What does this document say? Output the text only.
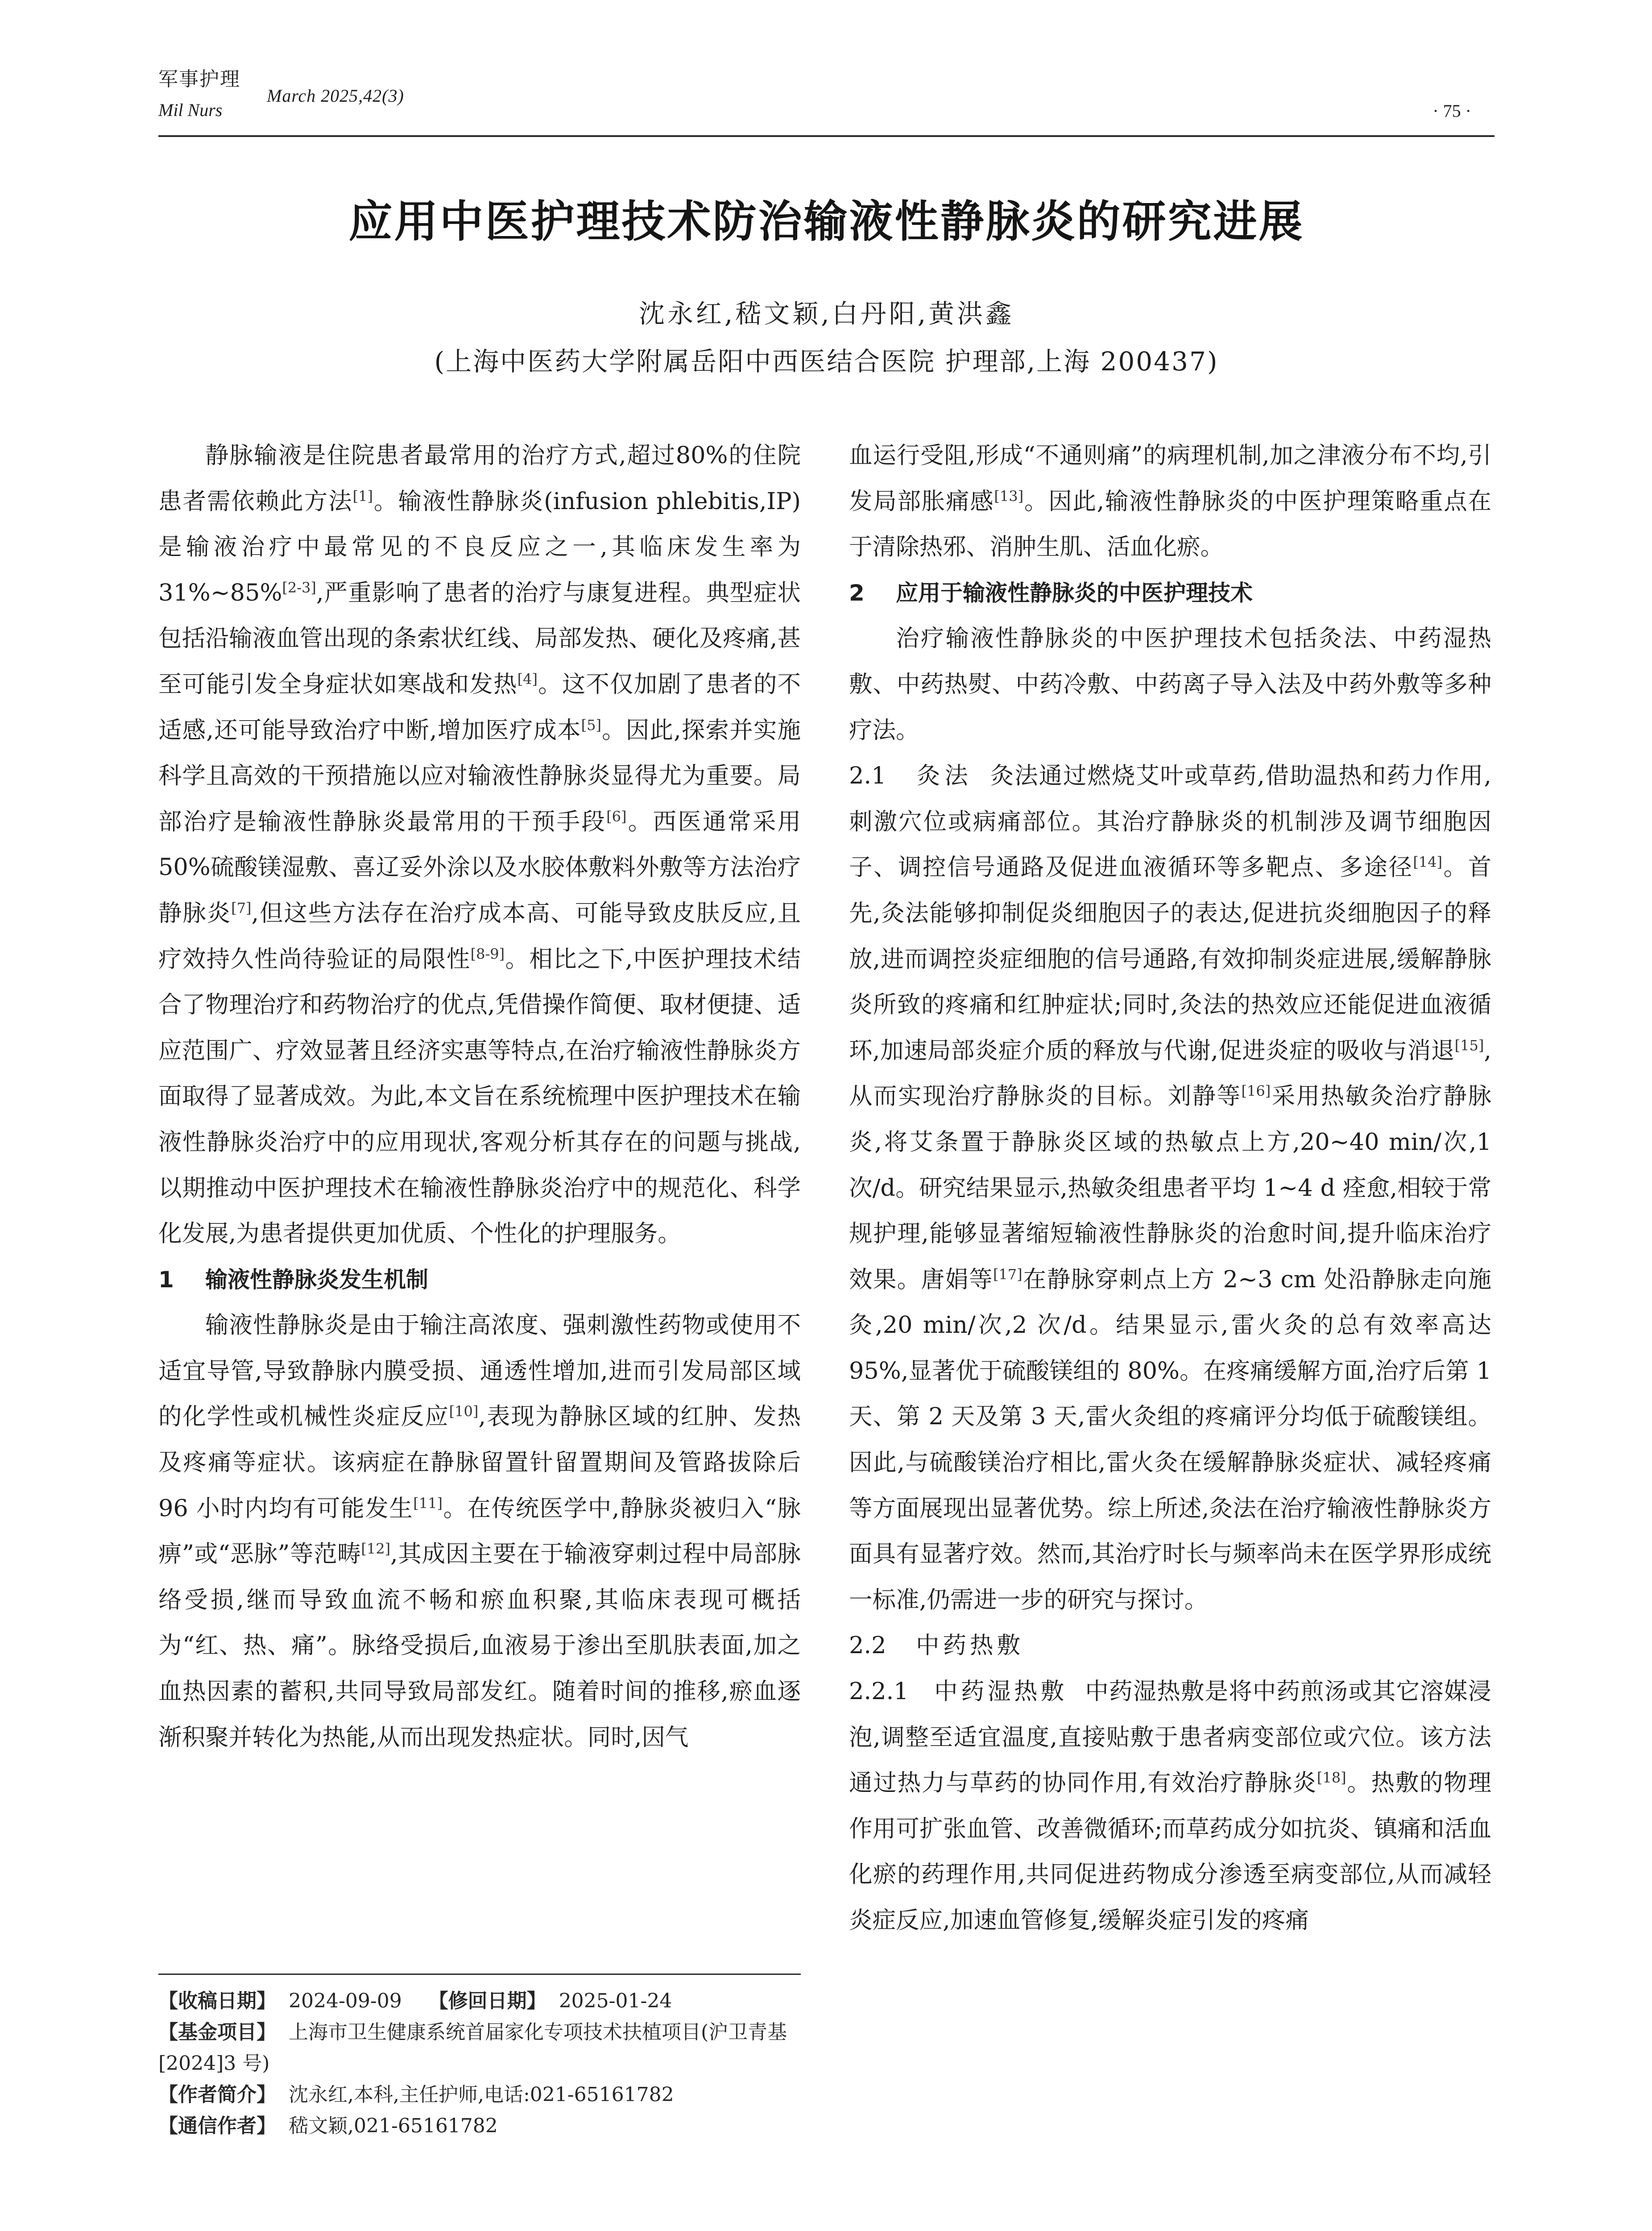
军事护理
Mil Nurs
March 2025,42(3)
· 75 ·
应用中医护理技术防治输液性静脉炎的研究进展
沈永红,嵇文颖,白丹阳,黄洪鑫
(上海中医药大学附属岳阳中西医结合医院 护理部,上海 200437)

静脉输液是住院患者最常用的治疗方式,超过80%的住院患者需依赖此方法[1]。输液性静脉炎(infusion phlebitis,IP)是输液治疗中最常见的不良反应之一,其临床发生率为 31%~85%[2-3],严重影响了患者的治疗与康复进程。典型症状包括沿输液血管出现的条索状红线、局部发热、硬化及疼痛,甚至可能引发全身症状如寒战和发热[4]。这不仅加剧了患者的不适感,还可能导致治疗中断,增加医疗成本[5]。因此,探索并实施科学且高效的干预措施以应对输液性静脉炎显得尤为重要。局部治疗是输液性静脉炎最常用的干预手段[6]。西医通常采用50%硫酸镁湿敷、喜辽妥外涂以及水胶体敷料外敷等方法治疗静脉炎[7],但这些方法存在治疗成本高、可能导致皮肤反应,且疗效持久性尚待验证的局限性[8-9]。相比之下,中医护理技术结合了物理治疗和药物治疗的优点,凭借操作简便、取材便捷、适应范围广、疗效显著且经济实惠等特点,在治疗输液性静脉炎方面取得了显著成效。为此,本文旨在系统梳理中医护理技术在输液性静脉炎治疗中的应用现状,客观分析其存在的问题与挑战,以期推动中医护理技术在输液性静脉炎治疗中的规范化、科学化发展,为患者提供更加优质、个性化的护理服务。

1 输液性静脉炎发生机制

输液性静脉炎是由于输注高浓度、强刺激性药物或使用不适宜导管,导致静脉内膜受损、通透性增加,进而引发局部区域的化学性或机械性炎症反应[10],表现为静脉区域的红肿、发热及疼痛等症状。该病症在静脉留置针留置期间及管路拔除后 96 小时内均有可能发生[11]。在传统医学中,静脉炎被归入“脉痹”或“恶脉”等范畴[12],其成因主要在于输液穿刺过程中局部脉络受损,继而导致血流不畅和瘀血积聚,其临床表现可概括为“红、热、痛”。脉络受损后,血液易于渗出至肌肤表面,加之血热因素的蓄积,共同导致局部发红。随着时间的推移,瘀血逐渐积聚并转化为热能,从而出现发热症状。同时,因气

【收稿日期】 2024-09-09 【修回日期】 2025-01-24

【基金项目】 上海市卫生健康系统首届家化专项技术扶植项目(沪卫青基[2024]3 号)

【作者简介】 沈永红,本科,主任护师,电话:021-65161782

【通信作者】 嵇文颖,021-65161782

血运行受阻,形成“不通则痛”的病理机制,加之津液分布不均,引发局部胀痛感[13]。因此,输液性静脉炎的中医护理策略重点在于清除热邪、消肿生肌、活血化瘀。

2 应用于输液性静脉炎的中医护理技术

治疗输液性静脉炎的中医护理技术包括灸法、中药湿热敷、中药热熨、中药冷敷、中药离子导入法及中药外敷等多种疗法。

2.1 灸法 灸法通过燃烧艾叶或草药,借助温热和药力作用,刺激穴位或病痛部位。其治疗静脉炎的机制涉及调节细胞因子、调控信号通路及促进血液循环等多靶点、多途径[14]。首先,灸法能够抑制促炎细胞因子的表达,促进抗炎细胞因子的释放,进而调控炎症细胞的信号通路,有效抑制炎症进展,缓解静脉炎所致的疼痛和红肿症状;同时,灸法的热效应还能促进血液循环,加速局部炎症介质的释放与代谢,促进炎症的吸收与消退[15],从而实现治疗静脉炎的目标。刘静等[16]采用热敏灸治疗静脉炎,将艾条置于静脉炎区域的热敏点上方,20~40 min/次,1 次/d。研究结果显示,热敏灸组患者平均 1~4 d 痊愈,相较于常规护理,能够显著缩短输液性静脉炎的治愈时间,提升临床治疗效果。唐娟等[17]在静脉穿刺点上方 2~3 cm 处沿静脉走向施灸,20 min/次,2 次/d。结果显示,雷火灸的总有效率高达 95%,显著优于硫酸镁组的 80%。在疼痛缓解方面,治疗后第 1 天、第 2 天及第 3 天,雷火灸组的疼痛评分均低于硫酸镁组。因此,与硫酸镁治疗相比,雷火灸在缓解静脉炎症状、减轻疼痛等方面展现出显著优势。综上所述,灸法在治疗输液性静脉炎方面具有显著疗效。然而,其治疗时长与频率尚未在医学界形成统一标准,仍需进一步的研究与探讨。

2.2 中药热敷

2.2.1 中药湿热敷 中药湿热敷是将中药煎汤或其它溶媒浸泡,调整至适宜温度,直接贴敷于患者病变部位或穴位。该方法通过热力与草药的协同作用,有效治疗静脉炎[18]。热敷的物理作用可扩张血管、改善微循环;而草药成分如抗炎、镇痛和活血化瘀的药理作用,共同促进药物成分渗透至病变部位,从而减轻炎症反应,加速血管修复,缓解炎症引发的疼痛
